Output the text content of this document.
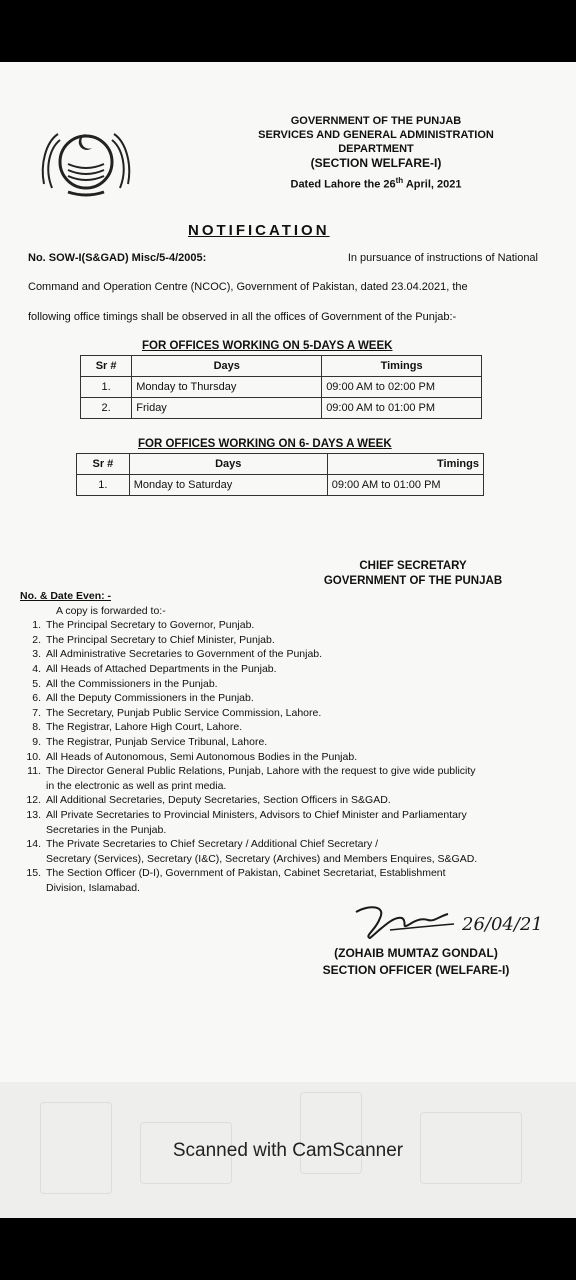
GOVERNMENT OF THE PUNJAB
SERVICES AND GENERAL ADMINISTRATION
DEPARTMENT
(SECTION WELFARE-I)
Dated Lahore the 26th April, 2021
NOTIFICATION
No. SOW-I(S&GAD) Misc/5-4/2005:	In pursuance of instructions of National
Command and Operation Centre (NCOC), Government of Pakistan, dated 23.04.2021, the
following office timings shall be observed in all the offices of Government of the Punjab:-
FOR OFFICES WORKING ON 5-DAYS A WEEK
Sr #	Days	Timings
1.	Monday to Thursday	09:00 AM to 02:00 PM
2.	Friday	09:00 AM to 01:00 PM
FOR OFFICES WORKING ON 6- DAYS A WEEK
Sr #	Days	Timings
1.	Monday to Saturday	09:00 AM to 01:00 PM
CHIEF SECRETARY
GOVERNMENT OF THE PUNJAB
No. & Date Even: -
A copy is forwarded to:-
1. The Principal Secretary to Governor, Punjab.
2. The Principal Secretary to Chief Minister, Punjab.
3. All Administrative Secretaries to Government of the Punjab.
4. All Heads of Attached Departments in the Punjab.
5. All the Commissioners in the Punjab.
6. All the Deputy Commissioners in the Punjab.
7. The Secretary, Punjab Public Service Commission, Lahore.
8. The Registrar, Lahore High Court, Lahore.
9. The Registrar, Punjab Service Tribunal, Lahore.
10. All Heads of Autonomous, Semi Autonomous Bodies in the Punjab.
11. The Director General Public Relations, Punjab, Lahore with the request to give wide publicity
in the electronic as well as print media.
12. All Additional Secretaries, Deputy Secretaries, Section Officers in S&GAD.
13. All Private Secretaries to Provincial Ministers, Advisors to Chief Minister and Parliamentary
Secretaries in the Punjab.
14. The Private Secretaries to Chief Secretary / Additional Chief Secretary /
Secretary (Services), Secretary (I&C), Secretary (Archives) and Members Enquires, S&GAD.
15. The Section Officer (D-I), Government of Pakistan, Cabinet Secretariat, Establishment
Division, Islamabad.
26/04/21
(ZOHAIB MUMTAZ GONDAL)
SECTION OFFICER (WELFARE-I)
Scanned with CamScanner
